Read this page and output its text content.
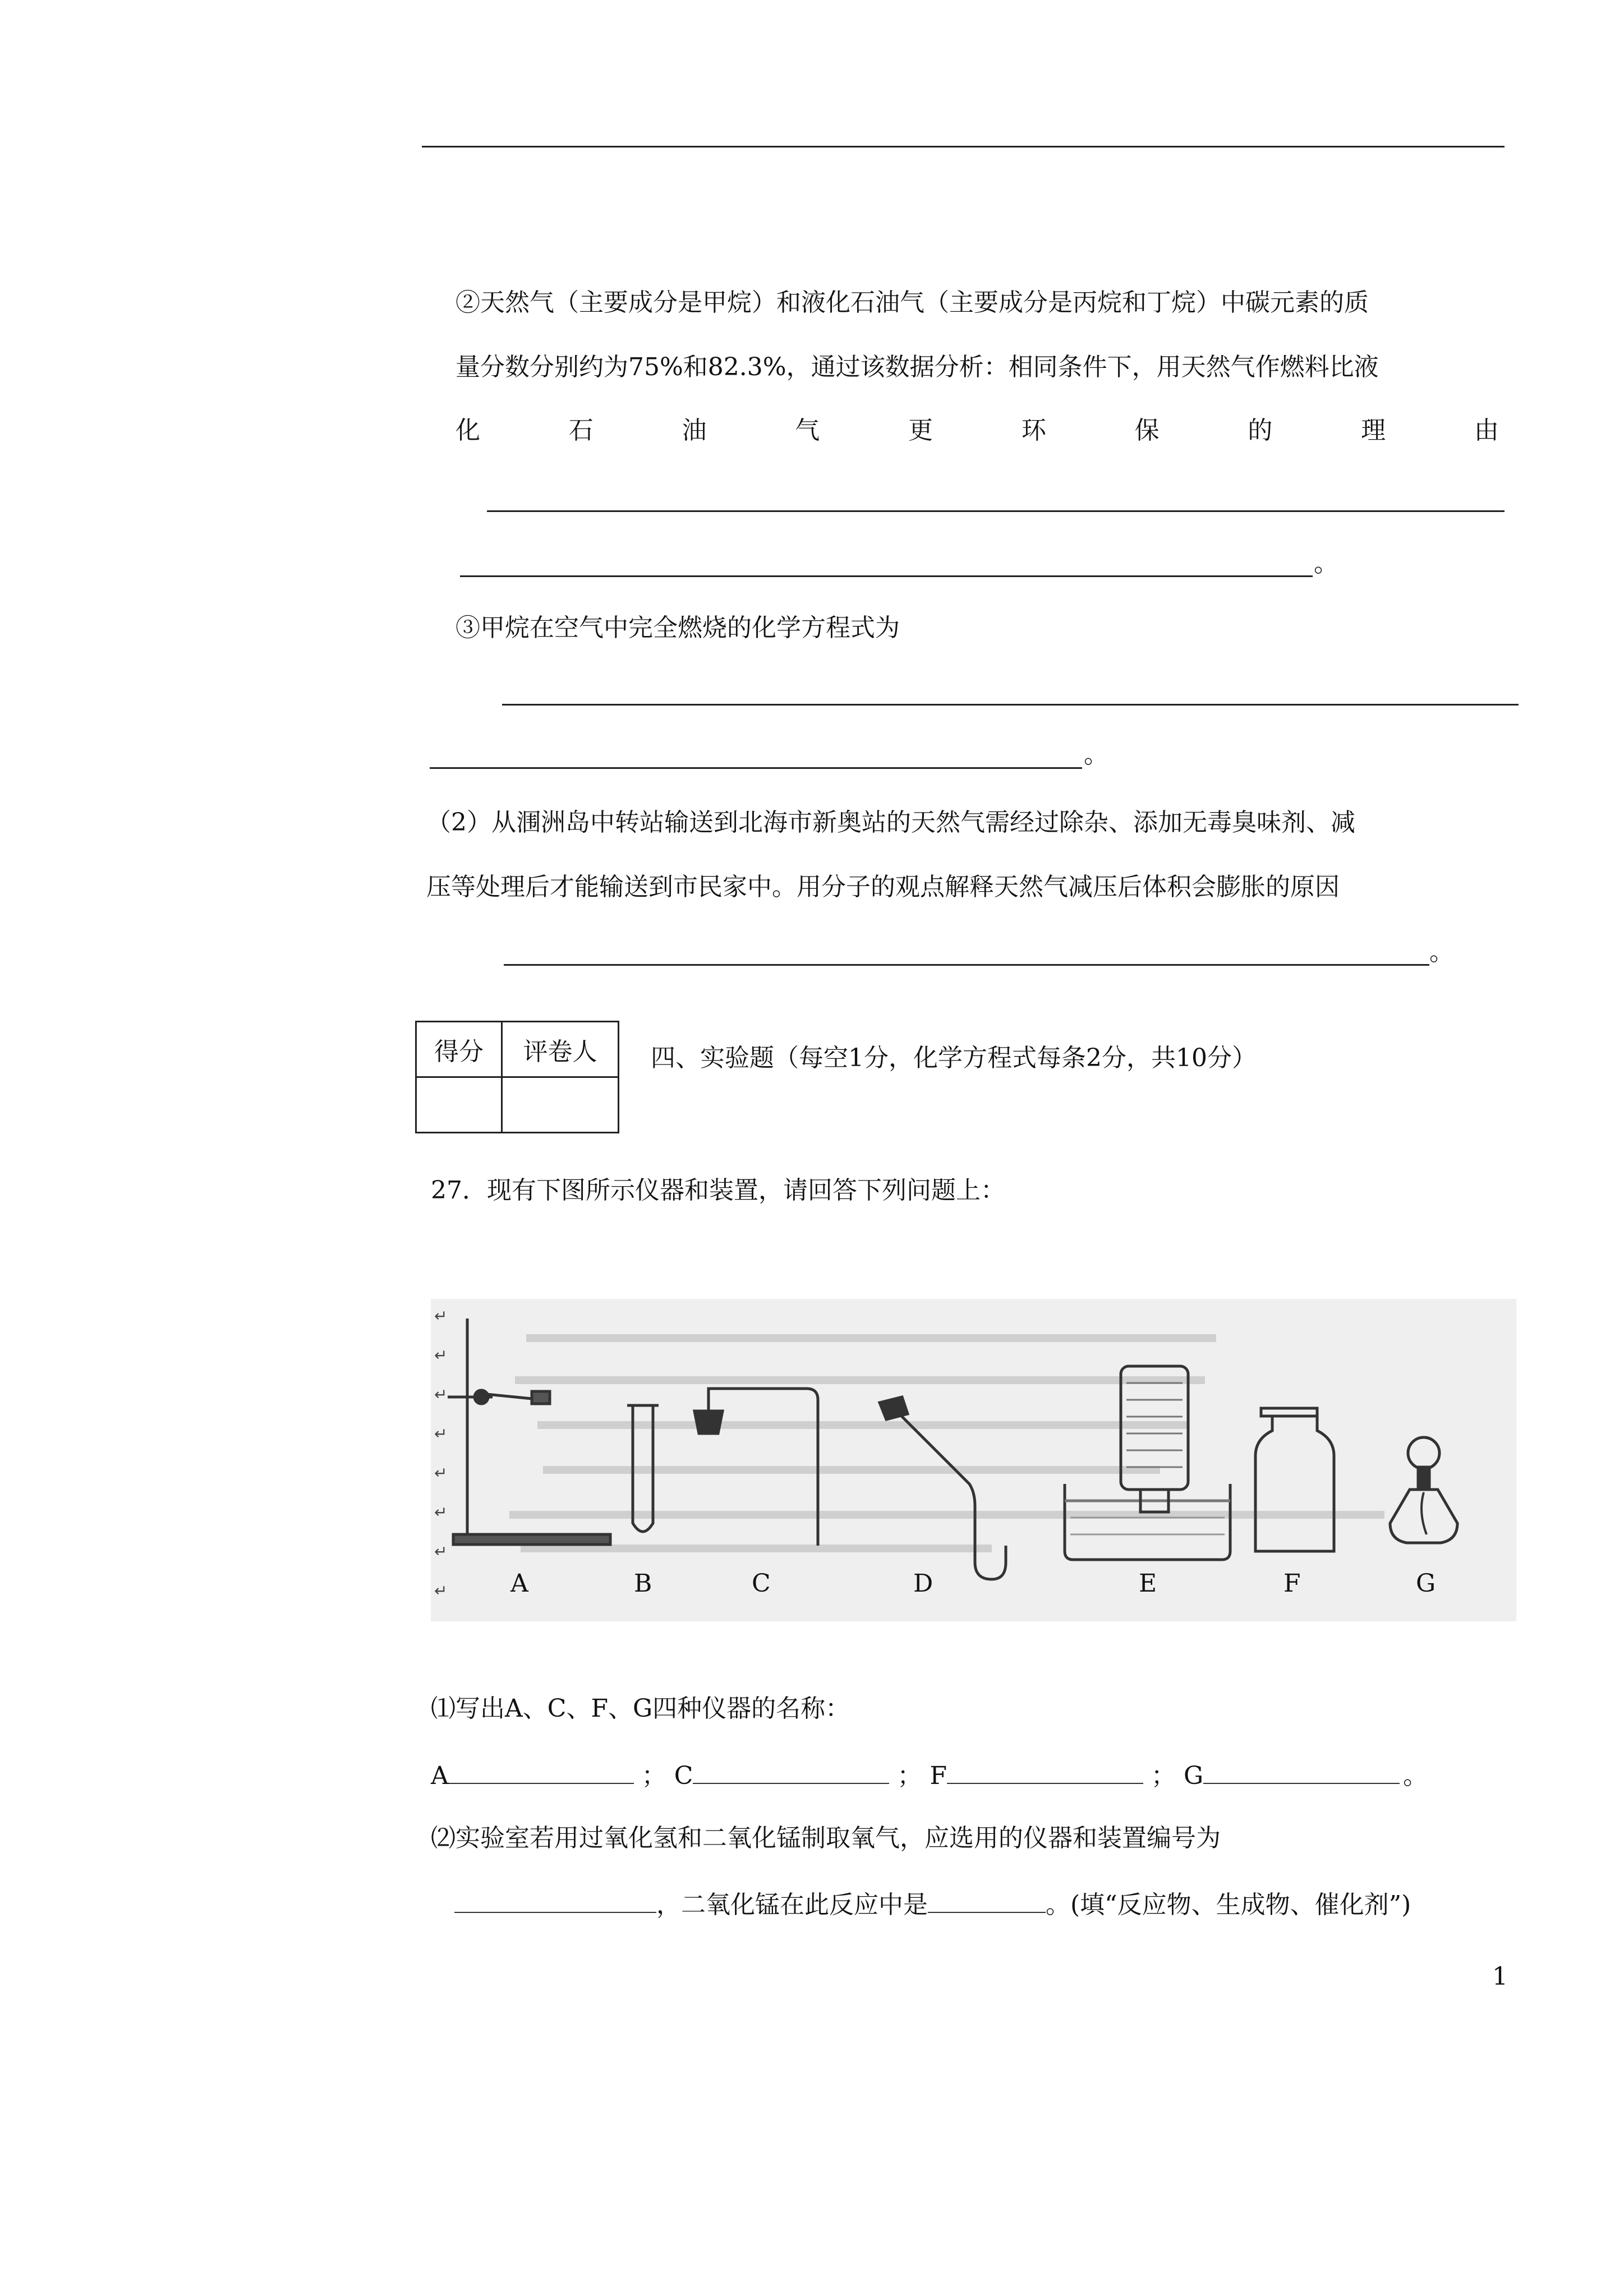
②天然气（主要成分是甲烷）和液化石油气（主要成分是丙烷和丁烷）中碳元素的质
量分数分别约为75%和82.3%，通过该数据分析：相同条件下，用天然气作燃料比液
化	石	油	气	更	环	保	的	理	由
。
③甲烷在空气中完全燃烧的化学方程式为
。
（2）从涠洲岛中转站输送到北海市新奥站的天然气需经过除杂、添加无毒臭味剂、减
压等处理后才能输送到市民家中。用分子的观点解释天然气减压后体积会膨胀的原因
。
得分	评卷人
	四、实验题（每空1分，化学方程式每条2分，共10分）
27．现有下图所示仪器和装置，请回答下列问题上：
↵
↵
↵
↵
↵
↵
↵
↵	A	B	C	D	E	F	G
⑴写出A、C、F、G四种仪器的名称：
A	； C	； F	； G	。
⑵实验室若用过氧化氢和二氧化锰制取氧气，应选用的仪器和装置编号为
，二氧化锰在此反应中是	。(填“反应物、生成物、催化剂”)
1
